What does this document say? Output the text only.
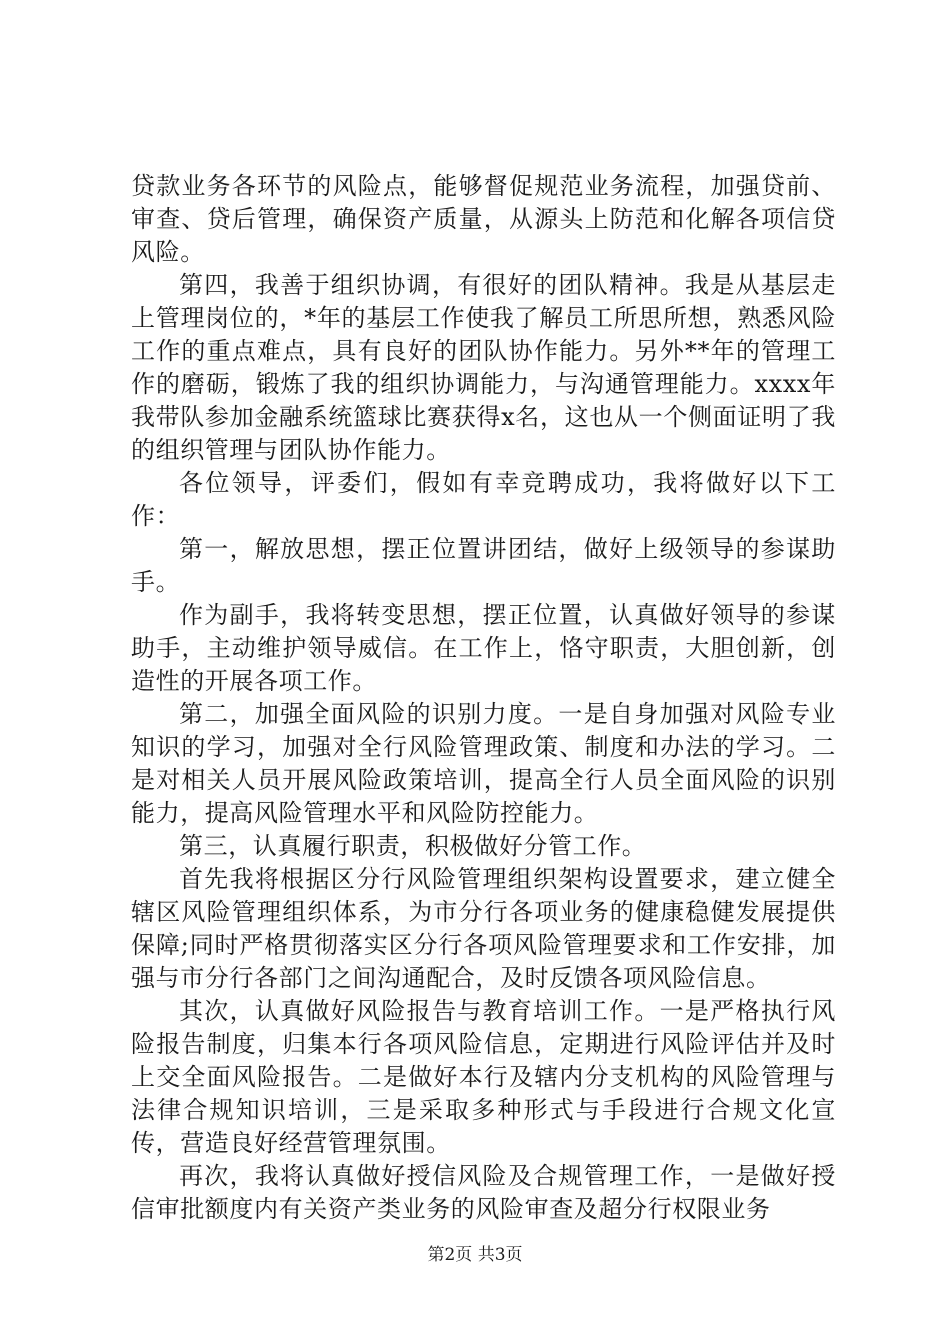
贷款业务各环节的风险点，能够督促规范业务流程，加强贷前、审查、贷后管理，确保资产质量，从源头上防范和化解各项信贷风险。

第四，我善于组织协调，有很好的团队精神。我是从基层走上管理岗位的，*年的基层工作使我了解员工所思所想，熟悉风险工作的重点难点，具有良好的团队协作能力。另外**年的管理工作的磨砺，锻炼了我的组织协调能力，与沟通管理能力。xxxx年我带队参加金融系统篮球比赛获得x名，这也从一个侧面证明了我的组织管理与团队协作能力。

各位领导，评委们，假如有幸竞聘成功，我将做好以下工作：

第一，解放思想，摆正位置讲团结，做好上级领导的参谋助手。

作为副手，我将转变思想，摆正位置，认真做好领导的参谋助手，主动维护领导威信。在工作上，恪守职责，大胆创新，创造性的开展各项工作。

第二，加强全面风险的识别力度。一是自身加强对风险专业知识的学习，加强对全行风险管理政策、制度和办法的学习。二是对相关人员开展风险政策培训，提高全行人员全面风险的识别能力，提高风险管理水平和风险防控能力。

第三，认真履行职责，积极做好分管工作。

首先我将根据区分行风险管理组织架构设置要求，建立健全辖区风险管理组织体系，为市分行各项业务的健康稳健发展提供保障;同时严格贯彻落实区分行各项风险管理要求和工作安排，加强与市分行各部门之间沟通配合，及时反馈各项风险信息。

其次，认真做好风险报告与教育培训工作。一是严格执行风险报告制度，归集本行各项风险信息，定期进行风险评估并及时上交全面风险报告。二是做好本行及辖内分支机构的风险管理与法律合规知识培训，三是采取多种形式与手段进行合规文化宣传，营造良好经营管理氛围。

再次，我将认真做好授信风险及合规管理工作，一是做好授信审批额度内有关资产类业务的风险审查及超分行权限业务

第2页 共3页
